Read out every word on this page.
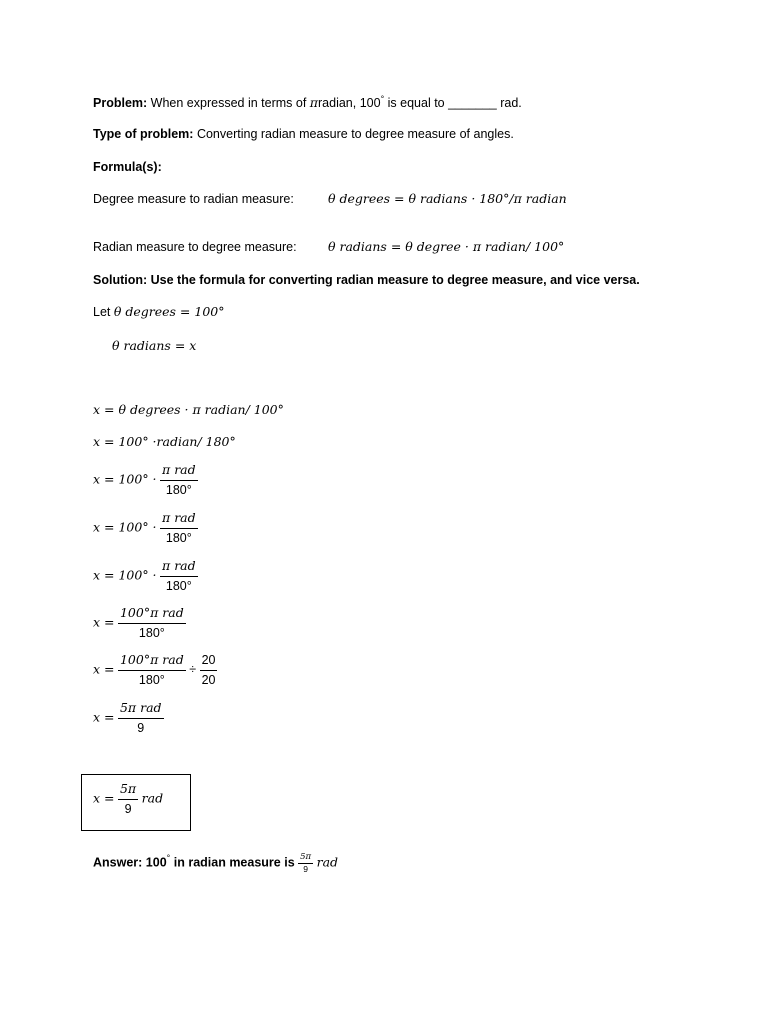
Problem: When expressed in terms of πradian, 100° is equal to _______ rad.
Type of problem: Converting radian measure to degree measure of angles.
Formula(s):
Degree measure to radian measure:	θ degrees = θ radians · 180°/π radian
Radian measure to degree measure:	θ radians = θ degree · π radian/ 100°
Solution: Use the formula for converting radian measure to degree measure, and vice versa.
Let θ degrees = 100°
θ radians = x
x = θ degrees · π radian/ 100°
x = 100° ·radian/ 180°
$x = 100^\circ \cdot \frac{\text{π rad}}{180^\circ}$
$x = 100^\circ \cdot \frac{\text{π rad}}{180^\circ}$
$x = 100^\circ \cdot \frac{\text{π rad}}{180^\circ}$
$x = \frac{\text{100°π rad}}{180^\circ}$
$x = \frac{\text{100°π rad}}{180^\circ} \div \frac{20}{20}$
$x = \frac{\text{5π rad}}{9}$
$x = \frac{5\pi}{9}$ rad
Answer: 100° in radian measure is $\frac{5\pi}{9}$ rad
